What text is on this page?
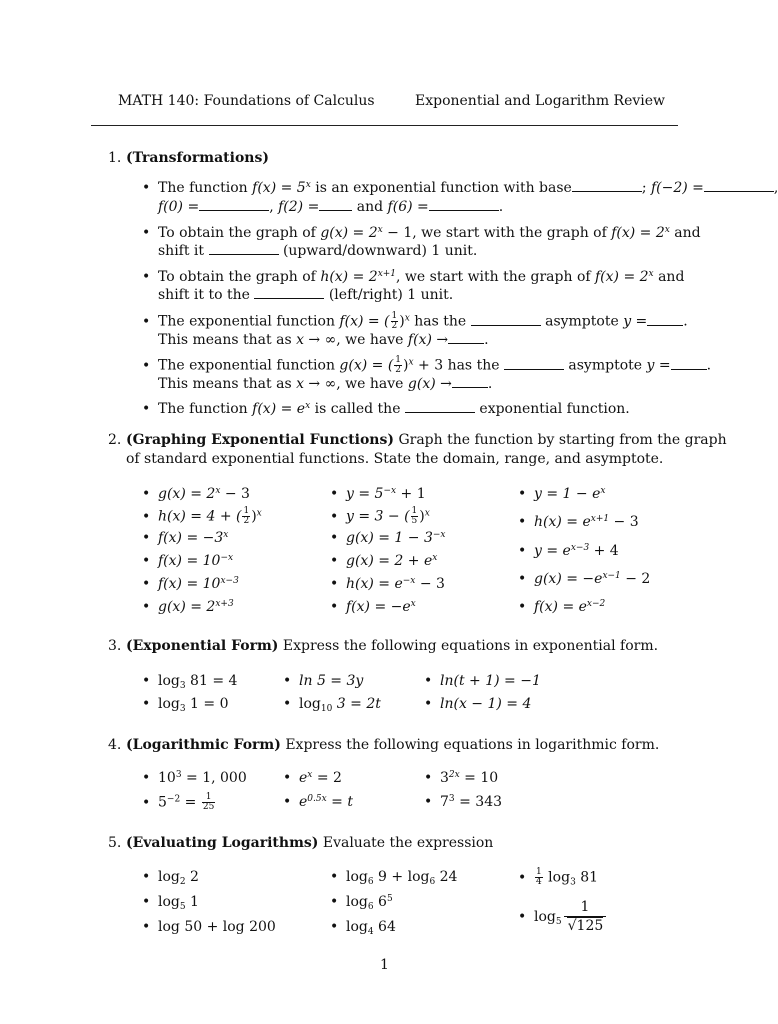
MATH 140: Foundations of Calculus	Exponential and Logarithm Review
1. (Transformations)
• The function $f(x) = 5^x$ is an exponential function with base	; f(−2) =	,
f(0) =	, f(2) = and f(6) =	.
• To obtain the graph of $g(x) = 2^x - 1$, we start with the graph of $f(x) = 2^x$ and
shift it	(upward/downward) 1 unit.
• To obtain the graph of $h(x) = 2^{x+1}$, we start with the graph of $f(x) = 2^x$ and
shift it to the	(left/right) 1 unit.
• The exponential function f(x) = ( $\frac{1}{2} )^x$ has the	asymptote y =	.
This means that as x → ∞, we have f(x) →	.
• The exponential function g(x) = ( $\frac{1}{2} )^x + 3$ has the	asymptote y =	.
This means that as x → ∞, we have g(x) →	.
• The function $f(x) = e^x$ is called the	exponential function.
2. (Graphing Exponential Functions) Graph the function by starting from the graph
of standard exponential functions. State the domain, range, and asymptote.
• $g(x) = 2^x - 3$
• h(x) = 4 + ( $\frac{1}{2} )^x$
• $f(x) = -3^x$
• $f(x) = 10^{-x}$
• $f(x) = 10^{x-3}$
• $g(x) = 2^{x+3}$
• $y = 5^{-x} + 1$
• y = 3 − ( $\frac{1}{5} )^x$
• $g(x) = 1 - 3^{-x}$
• $g(x) = 2 + e^x$
• $h(x) = e^{-x} - 3$
• $f(x) = -e^x$
• $y = 1 - e^x$
• $h(x) = e^{x+1} - 3$
• $y = e^{x-3} + 4$
• $g(x) = -e^{x-1} - 2$
• $f(x) = e^{x-2}$
3. (Exponential Form) Express the following equations in exponential form.
• $\log_3 81 = 4$
• $\log_3 1 = 0$
• ln 5 = 3y
• $\log_{10} 3 = 2t$
• ln(t + 1) = −1
• ln(x − 1) = 4
4. (Logarithmic Form) Express the following equations in logarithmic form.
• $10^3 = 1$, 000
• $5^{-2} = \frac{1}{25}$
• $e^x = 2$
• $e^{0.5x} = t$
• $3^{2x} = 10$
• $7^3 = 343$
5. (Evaluating Logarithms) Evaluate the expression
• $\log_2 2$
• $\log_5 1$
• log 50 + log 200
• $\log_6 9 + \log_6 24$
• $\log_6 6^5$
• $\log_4 64$
• $\frac{1}{4} \log_3 81$
• $\log_5 \frac{1}{√125}$
1
